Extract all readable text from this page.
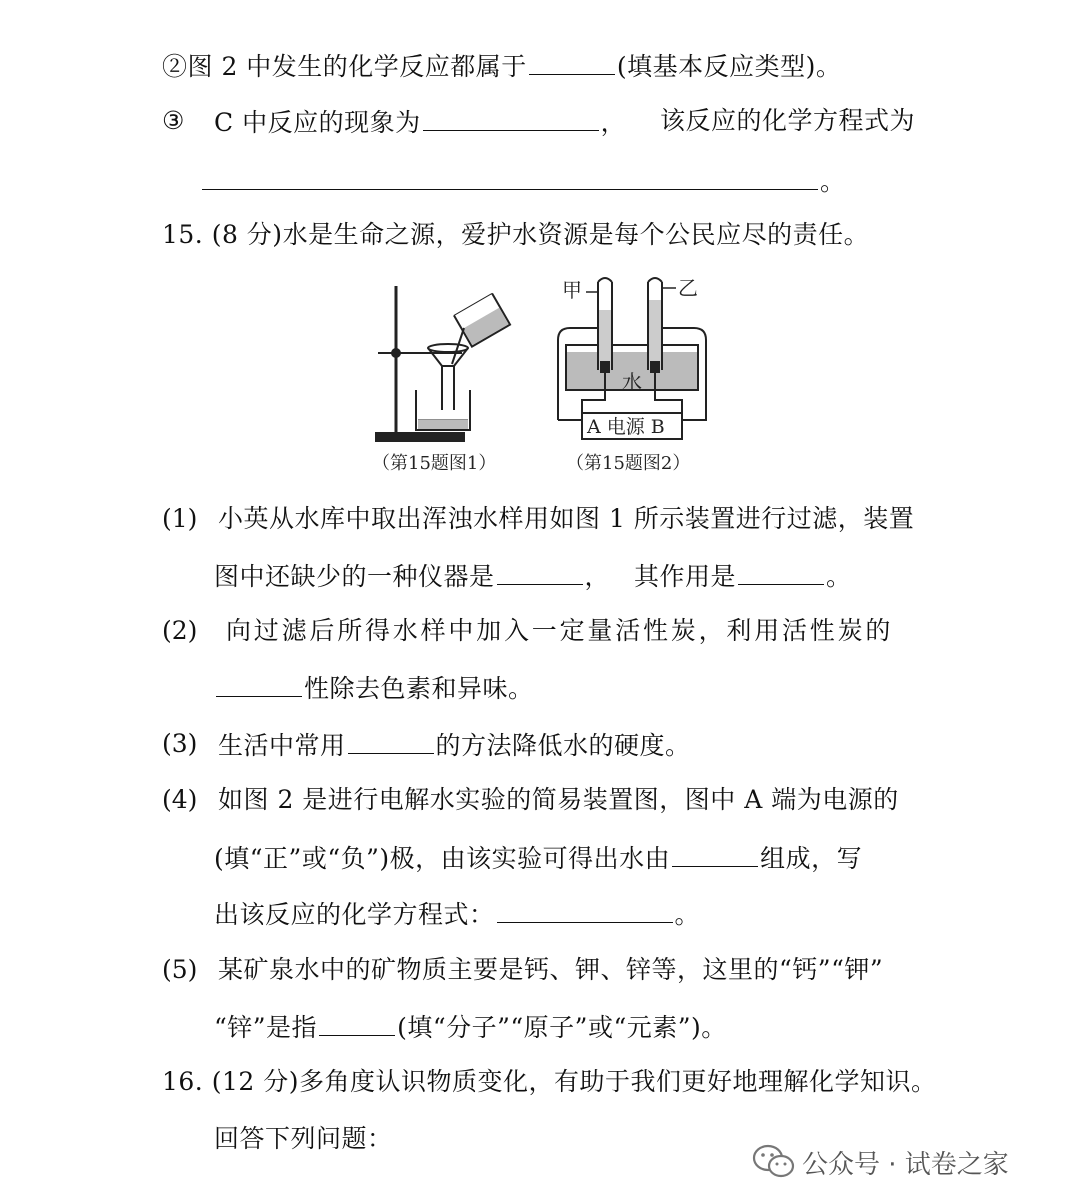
②图 2 中发生的化学反应都属于	(填基本反应类型)。
③ C 中反应的现象为	， 该反应的化学方程式为
。
15. (8 分)水是生命之源，爱护水资源是每个公民应尽的责任。
（第15题图1）
甲	乙
水
A 电源 B
（第15题图2）
(1) 小英从水库中取出浑浊水样用如图 1 所示装置进行过滤，装置
图中还缺少的一种仪器是	， 其作用是	。
(2) 向过滤后所得水样中加入一定量活性炭，利用活性炭的
性除去色素和异味。
(3) 生活中常用	的方法降低水的硬度。
(4) 如图 2 是进行电解水实验的简易装置图，图中 A 端为电源的
(填“正”或“负”)极，由该实验可得出水由	组成，写
出该反应的化学方程式：	。
(5) 某矿泉水中的矿物质主要是钙、钾、锌等，这里的“钙”“钾”
“锌”是指	(填“分子”“原子”或“元素”)。
16. (12 分)多角度认识物质变化，有助于我们更好地理解化学知识。
回答下列问题：
公众号 · 试卷之家
